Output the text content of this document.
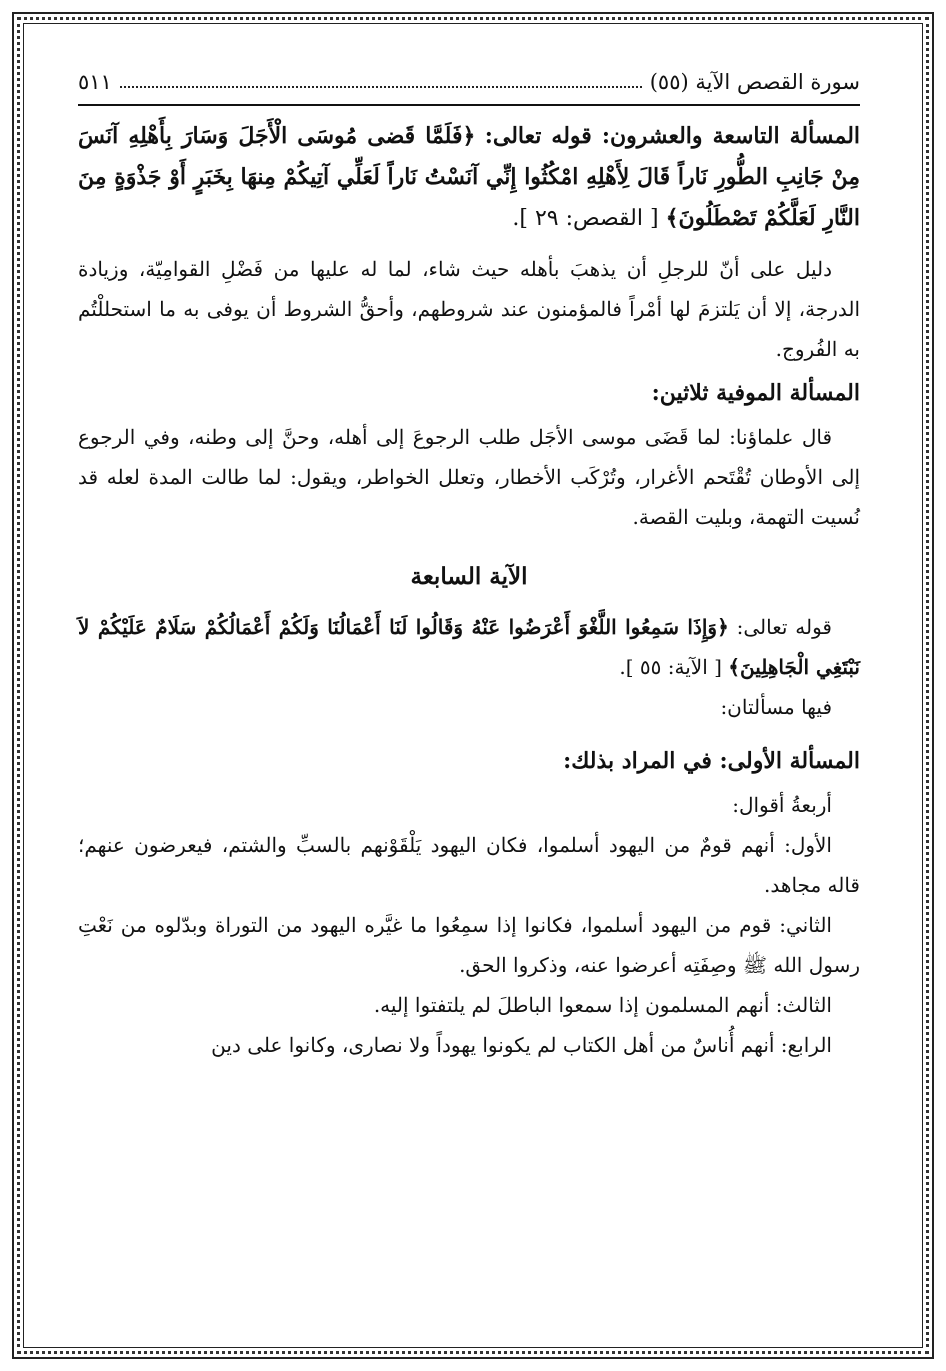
سورة القصص الآية (٥٥)
٥١١

المسألة التاسعة والعشرون: قوله تعالى: ﴿فَلَمَّا قَضى مُوسَى الْأَجَلَ وَسَارَ بِأَهْلِهِ آنَسَ مِنْ جَانِبِ الطُّورِ نَاراً قَالَ لِأَهْلِهِ امْكُثُوا إِنِّي آنَسْتُ نَاراً لَعَلِّي آتِيكُمْ مِنهَا بِخَبَرٍ أَوْ جَذْوَةٍ مِنَ النَّارِ لَعَلَّكُمْ تَصْطَلُونَ﴾ [ القصص: ٢٩ ].

دليل على أنّ للرجلِ أن يذهبَ بأهله حيث شاء، لما له عليها من فَضْلِ القوامِيّة، وزيادة الدرجة، إلا أن يَلتزمَ لها أمْراً فالمؤمنون عند شروطهم، وأحقُّ الشروط أن يوفى به ما استحللْتُم به الفُروج.

المسألة الموفية ثلاثين:

قال علماؤنا: لما قَضَى موسى الأجَل طلب الرجوعَ إلى أهله، وحنَّ إلى وطنه، وفي الرجوع إلى الأوطان تُقْتَحم الأغرار، وتُرْكَب الأخطار، وتعلل الخواطر، ويقول: لما طالت المدة لعله قد نُسيت التهمة، وبليت القصة.

الآية السابعة

قوله تعالى: ﴿وَإِذَا سَمِعُوا اللَّغْوَ أَعْرَضُوا عَنْهُ وَقَالُوا لَنَا أَعْمَالُنَا وَلَكُمْ أَعْمَالُكُمْ سَلَامٌ عَلَيْكُمْ لاَ نَبْتَغِي الْجَاهِلِينَ﴾ [ الآية: ٥٥ ].

فيها مسألتان:

المسألة الأولى: في المراد بذلك:

أربعةُ أقوال:

الأول: أنهم قومٌ من اليهود أسلموا، فكان اليهود يَلْقَوْنهم بالسبِّ والشتم، فيعرضون عنهم؛ قاله مجاهد.

الثاني: قوم من اليهود أسلموا، فكانوا إذا سمِعُوا ما غيَّره اليهود من التوراة وبدّلوه من نَعْتِ رسول الله ﷺ وصِفَتِه أعرضوا عنه، وذكروا الحق.

الثالث: أنهم المسلمون إذا سمعوا الباطلَ لم يلتفتوا إليه.

الرابع: أنهم أُناسٌ من أهل الكتاب لم يكونوا يهوداً ولا نصارى، وكانوا على دين
